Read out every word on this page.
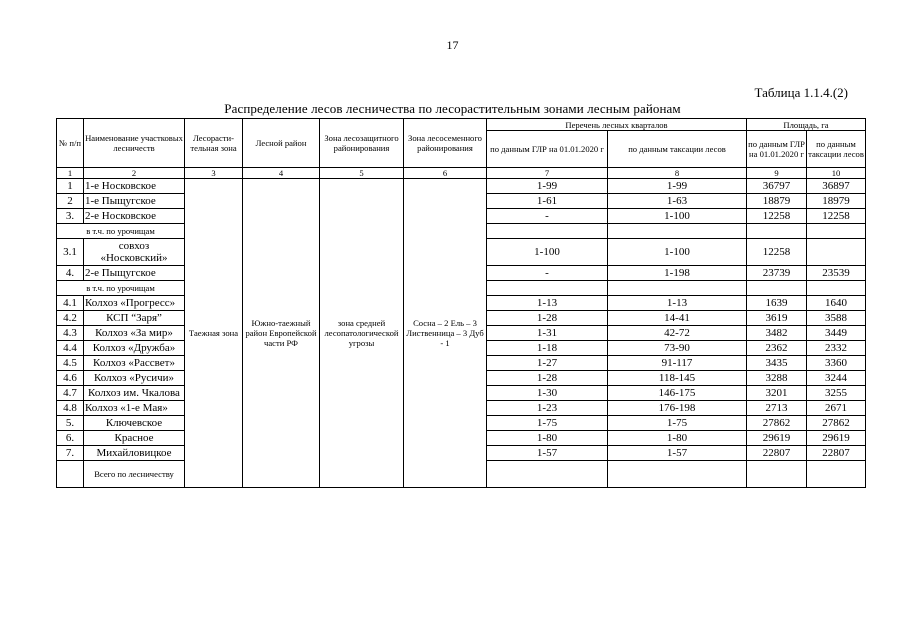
17
Таблица 1.1.4.(2)
Распределение лесов лесничества по лесорастительным зонами лесным районам
№ п/п	Наименование участковых лесничеств	Лесорасти-тельная зона	Лесной район	Зона лесозащитного районирования	Зона лесосеменного районирования	Перечень лесных кварталов		Площадь, га		
						по данным ГЛР на 01.01.2020 г	по данным таксации лесов	по данным ГЛР на 01.01.2020 г	по данным таксации лесов	
1	2	3	4	5	6	7	8	9	10	
1	1-е Носковское	Таежная зона	Южно-таежный район Европейской части РФ	зона средней лесопатологической угрозы	Сосна – 2 Ель – 3 Лиственница – 3 Дуб - 1	1-99	1-99	36797	36897	
2	1-е Пыщугское					1-61	1-63	18879	18979	
3.	2-е Носковское					-	1-100	12258	12258	
в т.ч. по урочищам										
3.1	совхоз «Носковский»					1-100	1-100	12258		
4.	2-е Пыщугское					-	1-198	23739	23539	
в т.ч. по урочищам										
4.1	Колхоз «Прогресс»					1-13	1-13	1639	1640	
4.2	КСП “Заря”					1-28	14-41	3619	3588	
4.3	Колхоз «За мир»					1-31	42-72	3482	3449	
4.4	Колхоз «Дружба»					1-18	73-90	2362	2332	
4.5	Колхоз «Рассвет»					1-27	91-117	3435	3360	
4.6	Колхоз «Русичи»					1-28	118-145	3288	3244	
4.7	Колхоз им. Чкалова					1-30	146-175	3201	3255	
4.8	Колхоз «1-е Мая»					1-23	176-198	2713	2671	
5.	Ключевское					1-75	1-75	27862	27862	
6.	Красное					1-80	1-80	29619	29619	
7.	Михайловицкое					1-57	1-57	22807	22807	
	Всего по лесничеству								
